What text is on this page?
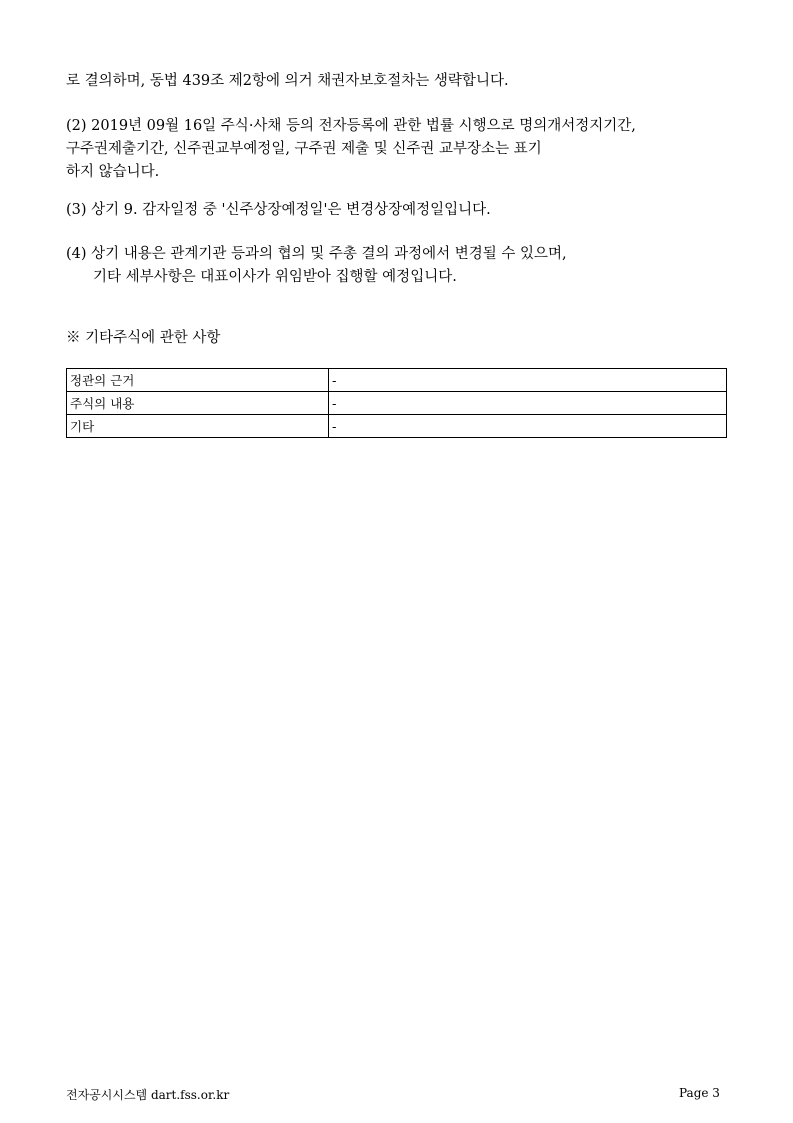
로 결의하며, 동법 439조 제2항에 의거 채권자보호절차는 생략합니다.

(2) 2019년 09월 16일 주식·사채 등의 전자등록에 관한 법률 시행으로 명의개서정지기간,
구주권제출기간, 신주권교부예정일, 구주권 제출 및 신주권 교부장소는 표기
하지 않습니다.

(3) 상기 9. 감자일정 중 '신주상장예정일'은 변경상장예정일입니다.

(4) 상기 내용은 관계기관 등과의 협의 및 주총 결의 과정에서 변경될 수 있으며,
기타 세부사항은 대표이사가 위임받아 집행할 예정입니다.

※ 기타주식에 관한 사항

정관의 근거	-
주식의 내용	-
기타	-
전자공시시스템 dart.fss.or.kr	Page 3
